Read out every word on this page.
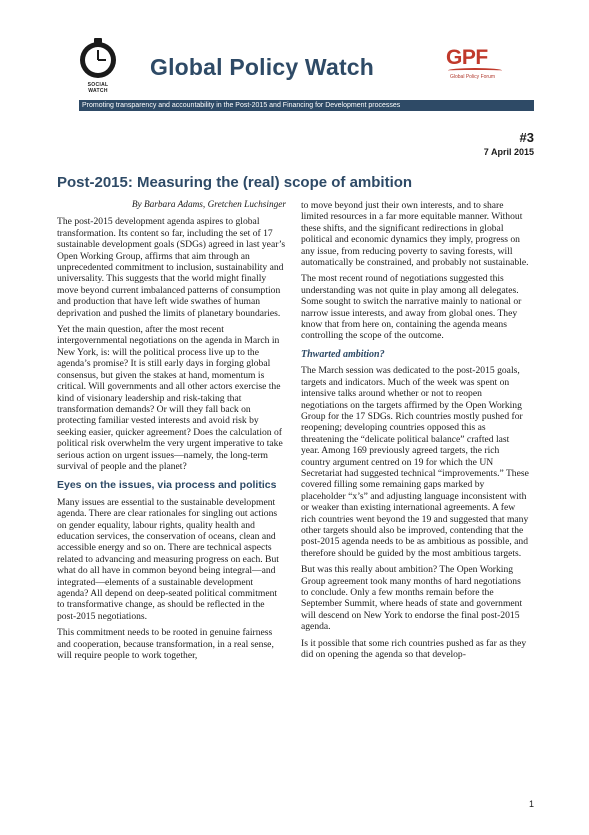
SOCIAL WATCH
Global Policy Watch	GPF
Global Policy Forum
Promoting transparency and accountability in the Post-2015 and Financing for Development processes
#3
7 April 2015
Post-2015: Measuring the (real) scope of ambition

By Barbara Adams, Gretchen Luchsinger

The post-2015 development agenda aspires to global transformation. Its content so far, including the set of 17 sustainable development goals (SDGs) agreed in last year’s Open Working Group, affirms that aim through an unprecedented commitment to inclusion, sustainability and universality. This suggests that the world might finally move beyond current imbalanced patterns of consumption and production that have left wide swathes of human deprivation and pushed the limits of planetary boundaries.

Yet the main question, after the most recent intergovernmental negotiations on the agenda in March in New York, is: will the political process live up to the agenda’s promise? It is still early days in forging global consensus, but given the stakes at hand, momentum is critical. Will governments and all other actors exercise the kind of visionary leadership and risk-taking that transformation demands? Or will they fall back on protecting familiar vested interests and avoid risk by seeking easier, quicker agreement? Does the calculation of political risk overwhelm the very urgent imperative to take serious action on urgent issues—namely, the long-term survival of people and the planet?

Eyes on the issues, via process and politics

Many issues are essential to the sustainable development agenda. There are clear rationales for singling out actions on gender equality, labour rights, quality health and education services, the conservation of oceans, clean and accessible energy and so on. There are technical aspects related to advancing and measuring progress on each. But what do all have in common beyond being integral—and integrated—elements of a sustainable development agenda? All depend on deep-seated political commitment to transformative change, as should be reflected in the post-2015 negotiations.

This commitment needs to be rooted in genuine fairness and cooperation, because transformation, in a real sense, will require people to work together,

to move beyond just their own interests, and to share limited resources in a far more equitable manner. Without these shifts, and the significant redirections in global political and economic dynamics they imply, progress on any issue, from reducing poverty to saving forests, will automatically be constrained, and probably not sustainable.

The most recent round of negotiations suggested this understanding was not quite in play among all delegates. Some sought to switch the narrative mainly to national or narrow issue interests, and away from global ones. They know that from here on, containing the agenda means controlling the scope of the outcome.

Thwarted ambition?

The March session was dedicated to the post-2015 goals, targets and indicators. Much of the week was spent on intensive talks around whether or not to reopen negotiations on the targets affirmed by the Open Working Group for the 17 SDGs. Rich countries mostly pushed for reopening; developing countries opposed this as threatening the “delicate political balance” crafted last year. Among 169 previously agreed targets, the rich country argument centred on 19 for which the UN Secretariat had suggested technical “improvements.” These covered filling some remaining gaps marked by placeholder “x’s” and adjusting language inconsistent with or weaker than existing international agreements. A few rich countries went beyond the 19 and suggested that many other targets should also be improved, contending that the post-2015 agenda needs to be as ambitious as possible, and therefore should be guided by the most ambitious targets.

But was this really about ambition? The Open Working Group agreement took many months of hard negotiations to conclude. Only a few months remain before the September Summit, where heads of state and government will descend on New York to endorse the final post-2015 agenda.

Is it possible that some rich countries pushed as far as they did on opening the agenda so that develop-

1
